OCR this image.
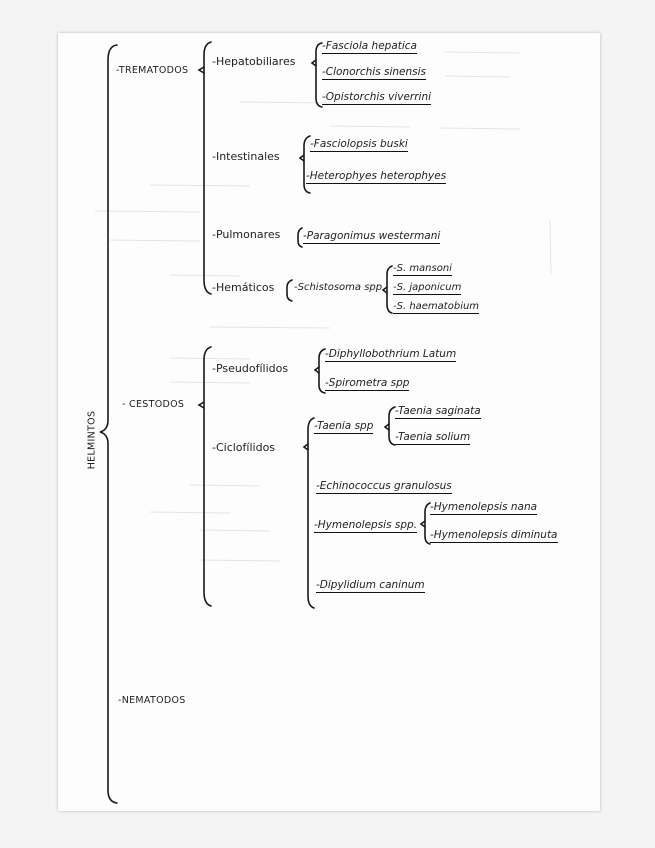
HELMINTOS
-TREMATODOS
- CESTODOS
-NEMATODOS
-Hepatobiliares
-Intestinales
-Pulmonares
-Hemáticos
-Fasciola hepatica
-Clonorchis sinensis
-Opistorchis viverrini
-Fasciolopsis buski
-Heterophyes heterophyes
-Paragonimus westermani
-Schistosoma spp
-S. mansoni
-S. japonicum
-S. haematobium
-Pseudofílidos
-Ciclofílidos
-Diphyllobothrium Latum
-Spirometra spp
-Taenia spp
-Taenia saginata
-Taenia solium
-Echinococcus granulosus
-Hymenolepsis spp.
-Hymenolepsis nana
-Hymenolepsis diminuta
-Dipylidium caninum
